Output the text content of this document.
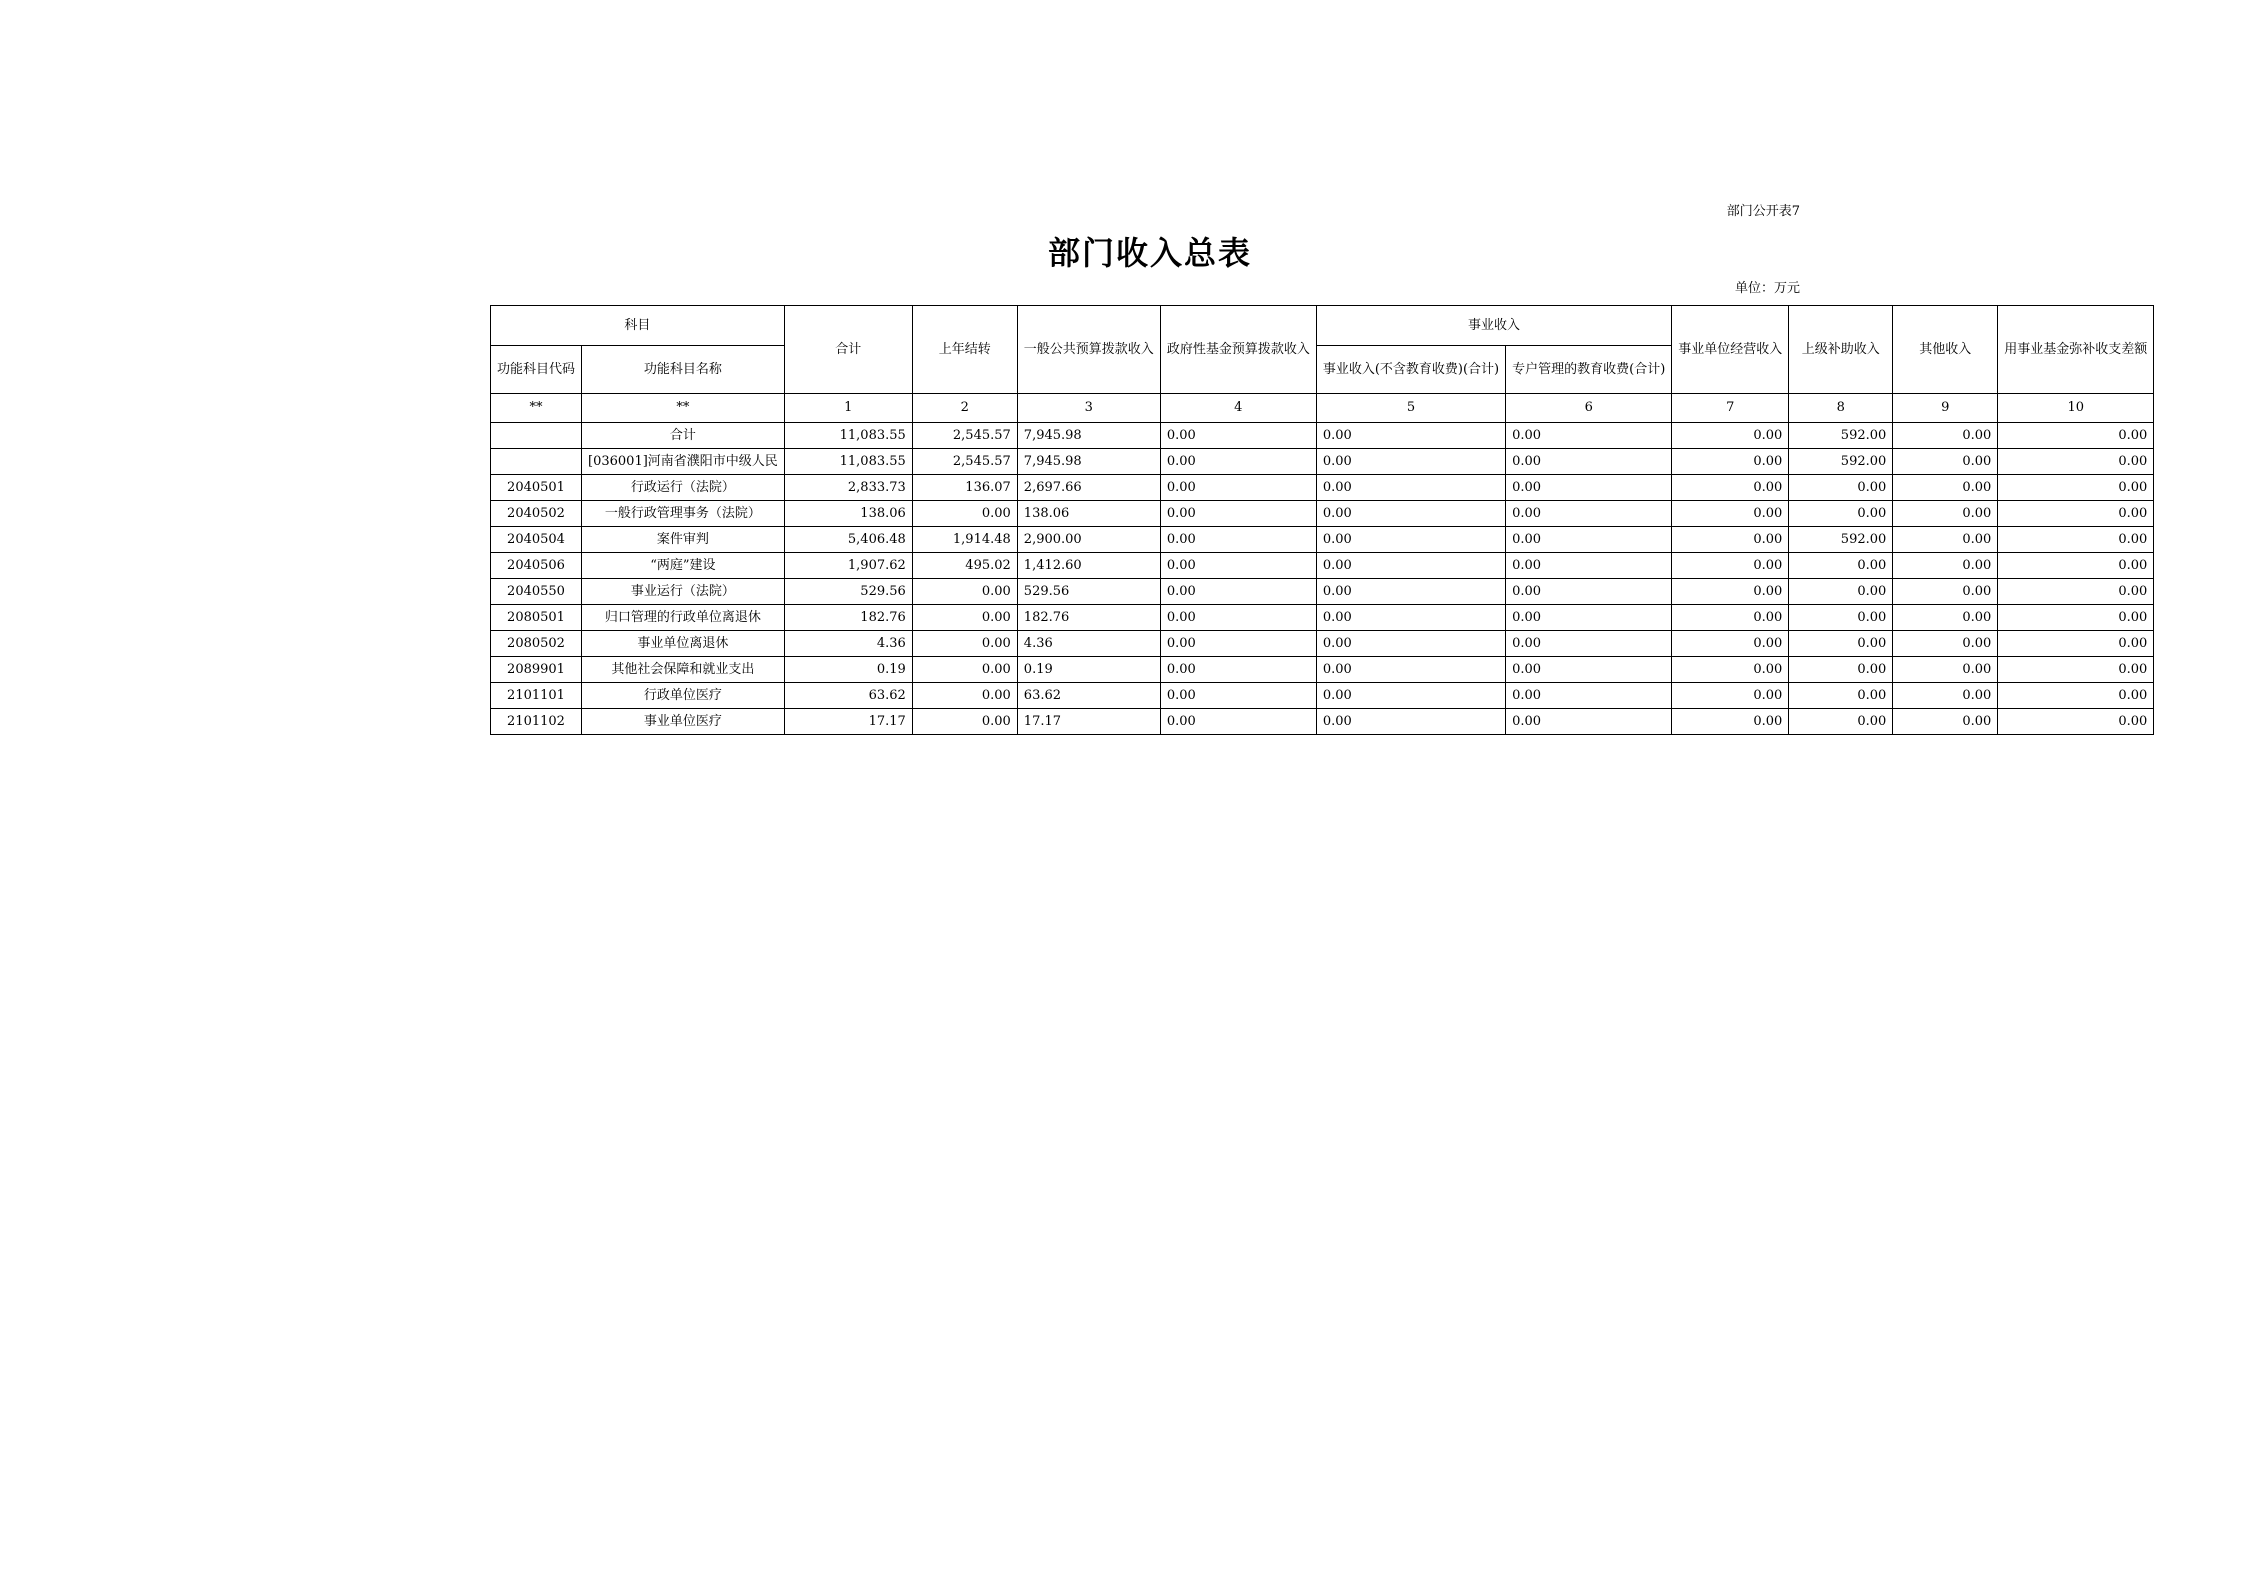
部门公开表7
部门收入总表
单位：万元
科目		合计	上年结转	一般公共预算拨款收入	政府性基金预算拨款收入	事业收入		事业单位经营收入	上级补助收入	其他收入	用事业基金弥补收支差额
功能科目代码	功能科目名称					事业收入(不含教育收费)(合计)	专户管理的教育收费(合计)				
**	**	1	2	3	4	5	6	7	8	9	10
	合计	11,083.55	2,545.57	7,945.98	0.00	0.00	0.00	0.00	592.00	0.00	0.00
	[036001]河南省濮阳市中级人民	11,083.55	2,545.57	7,945.98	0.00	0.00	0.00	0.00	592.00	0.00	0.00
2040501	行政运行（法院）	2,833.73	136.07	2,697.66	0.00	0.00	0.00	0.00	0.00	0.00	0.00
2040502	一般行政管理事务（法院）	138.06	0.00	138.06	0.00	0.00	0.00	0.00	0.00	0.00	0.00
2040504	案件审判	5,406.48	1,914.48	2,900.00	0.00	0.00	0.00	0.00	592.00	0.00	0.00
2040506	“两庭”建设	1,907.62	495.02	1,412.60	0.00	0.00	0.00	0.00	0.00	0.00	0.00
2040550	事业运行（法院）	529.56	0.00	529.56	0.00	0.00	0.00	0.00	0.00	0.00	0.00
2080501	归口管理的行政单位离退休	182.76	0.00	182.76	0.00	0.00	0.00	0.00	0.00	0.00	0.00
2080502	事业单位离退休	4.36	0.00	4.36	0.00	0.00	0.00	0.00	0.00	0.00	0.00
2089901	其他社会保障和就业支出	0.19	0.00	0.19	0.00	0.00	0.00	0.00	0.00	0.00	0.00
2101101	行政单位医疗	63.62	0.00	63.62	0.00	0.00	0.00	0.00	0.00	0.00	0.00
2101102	事业单位医疗	17.17	0.00	17.17	0.00	0.00	0.00	0.00	0.00	0.00	0.00
